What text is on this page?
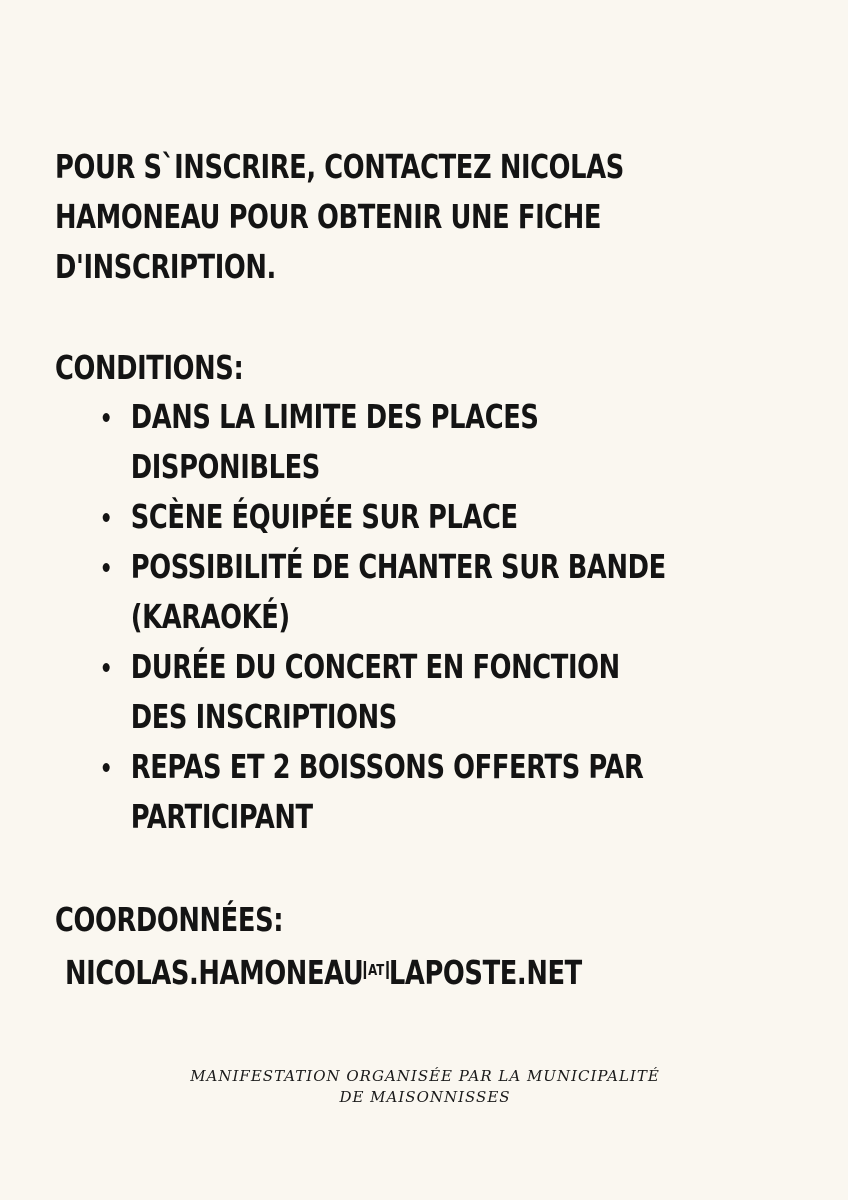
POUR S`INSCRIRE, CONTACTEZ NICOLAS
HAMONEAU POUR OBTENIR UNE FICHE
D'INSCRIPTION.
CONDITIONS:
DANS LA LIMITE DES PLACES
DISPONIBLES
SCÈNE ÉQUIPÉE SUR PLACE
POSSIBILITÉ DE CHANTER SUR BANDE
(KARAOKÉ)
DURÉE DU CONCERT EN FONCTION
DES INSCRIPTIONS
REPAS ET 2 BOISSONS OFFERTS PAR
PARTICIPANT
COORDONNÉES:
NICOLAS.HAMONEAU AT LAPOSTE.NET
MANIFESTATION ORGANISÉE PAR LA MUNICIPALITÉ
DE MAISONNISSES
